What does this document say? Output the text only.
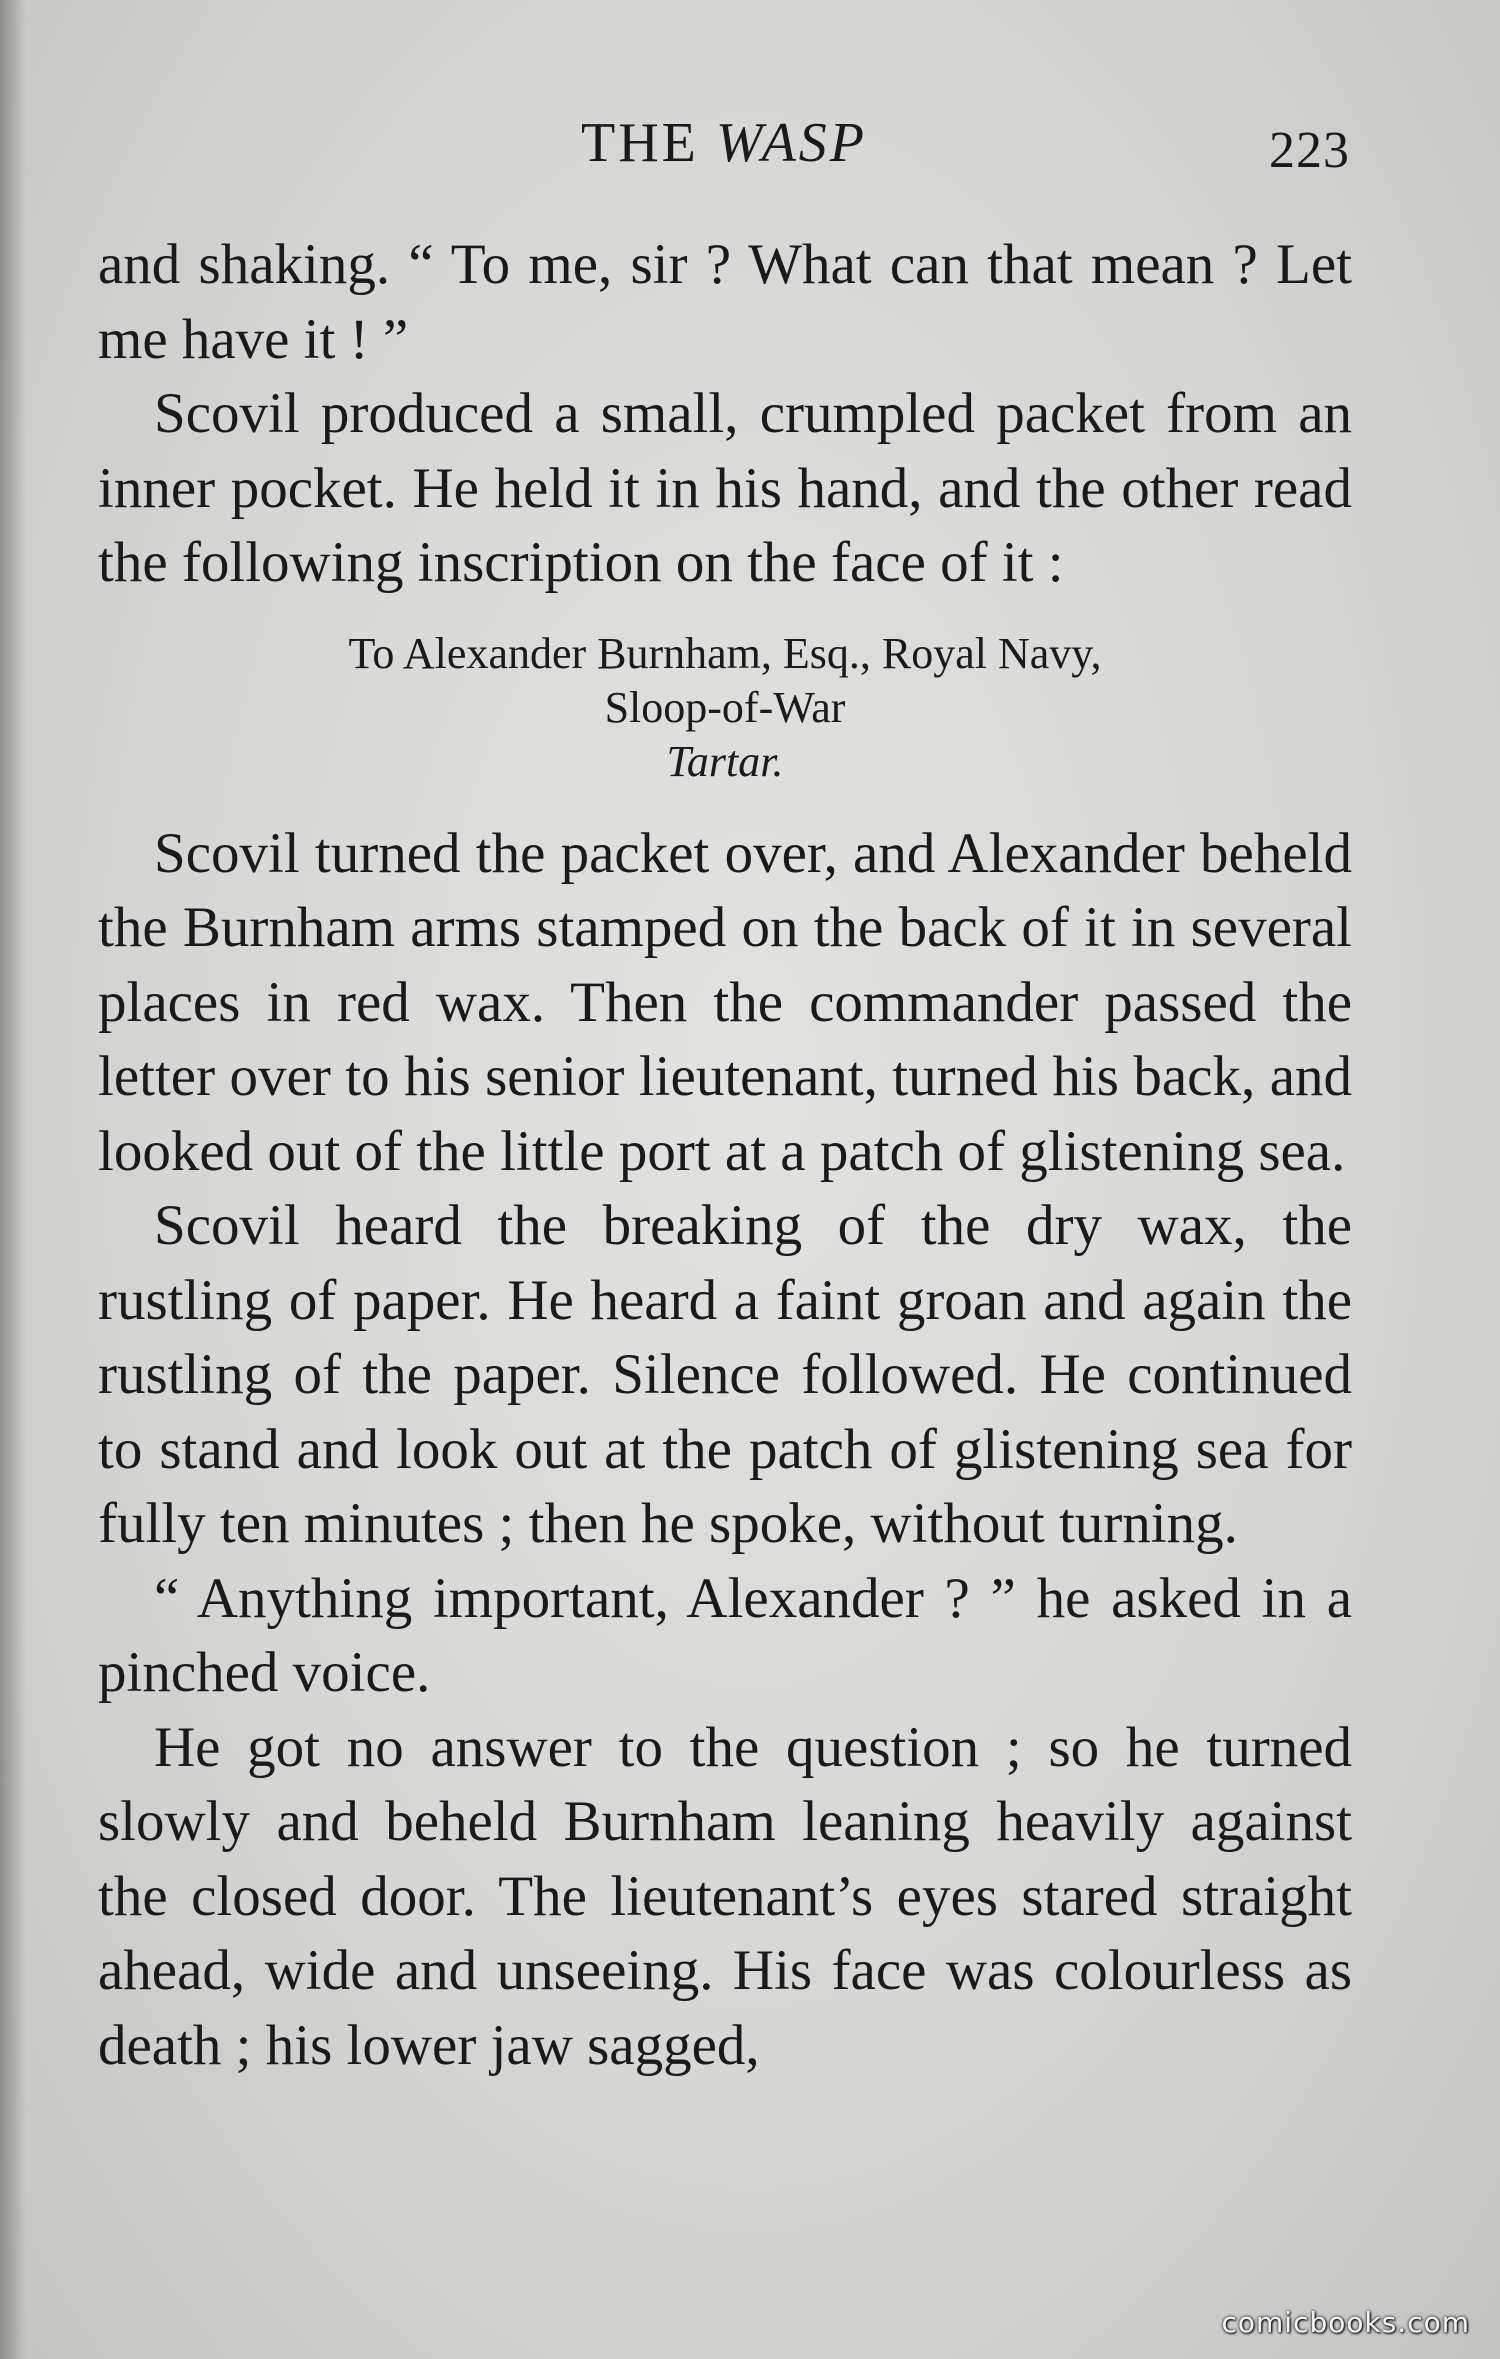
THE WASP	223

and shaking. “ To me, sir ? What can that mean ? Let me have it ! ”

Scovil produced a small, crumpled packet from an inner pocket. He held it in his hand, and the other read the following inscription on the face of it :

To Alexander Burnham, Esq., Royal Navy,
Sloop-of-War
Tartar.

Scovil turned the packet over, and Alexander beheld the Burnham arms stamped on the back of it in several places in red wax. Then the commander passed the letter over to his senior lieutenant, turned his back, and looked out of the little port at a patch of glistening sea.

Scovil heard the breaking of the dry wax, the rustling of paper. He heard a faint groan and again the rustling of the paper. Silence followed. He continued to stand and look out at the patch of glistening sea for fully ten minutes ; then he spoke, without turning.

“ Anything important, Alexander ? ” he asked in a pinched voice.

He got no answer to the question ; so he turned slowly and beheld Burnham leaning heavily against the closed door. The lieutenant’s eyes stared straight ahead, wide and unseeing. His face was colourless as death ; his lower jaw sagged,

comicbooks.com
